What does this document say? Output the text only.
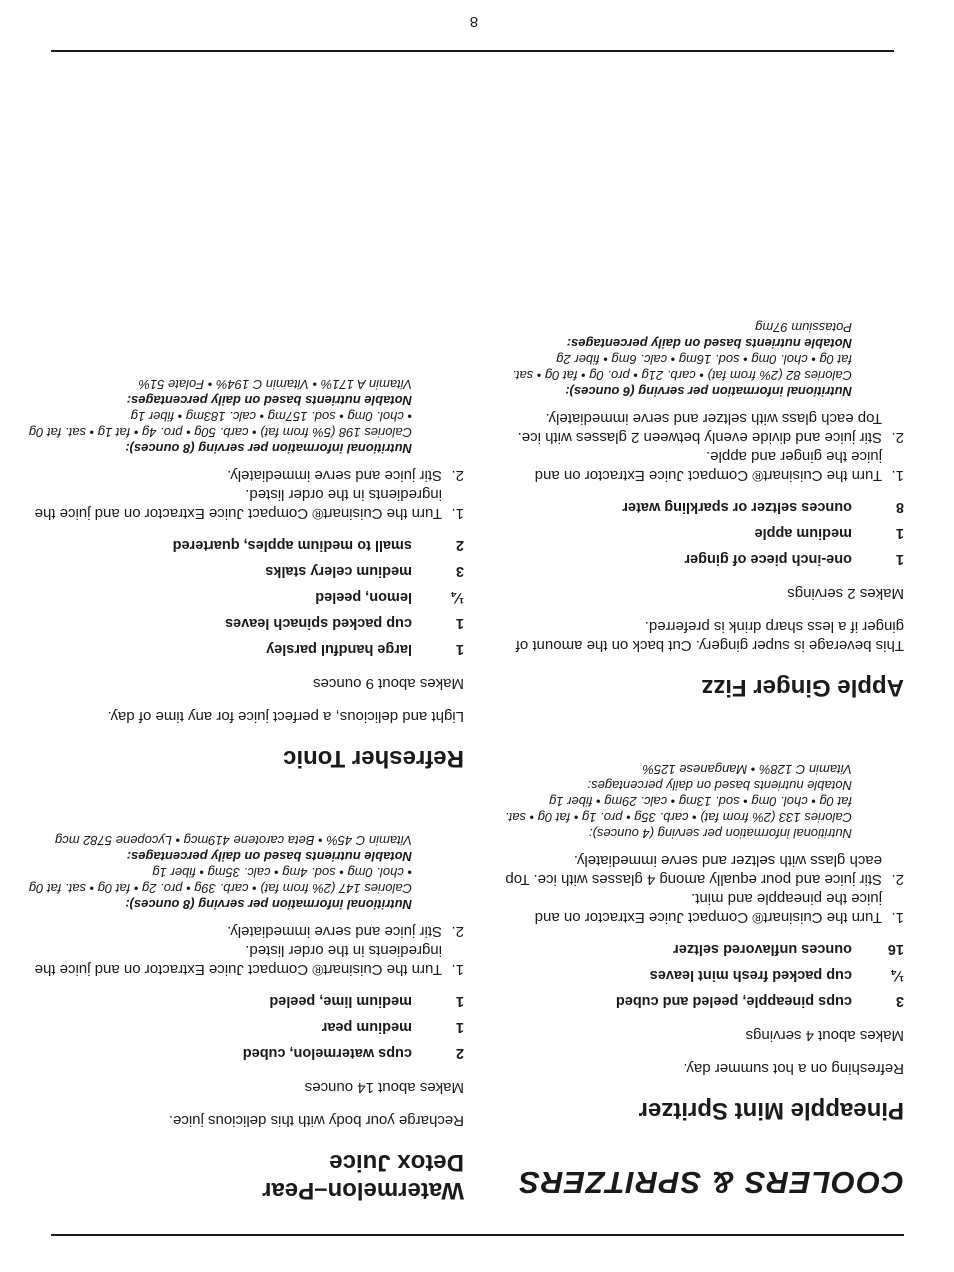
COOLERS & SPRITZERS
Pineapple Mint Spritzer
Refreshing on a hot summer day.
Makes about 4 servings
3
cups pineapple, peeled and cubed
¼
cup packed fresh mint leaves
16
ounces unflavored seltzer
1.
Turn the Cuisinart® Compact Juice Extractor on and juice the pineapple and mint.
2.
Stir juice and pour equally among 4 glasses with ice. Top each glass with seltzer and serve immediately.
Nutritional information per serving (4 ounces):
Calories 133 (2% from fat) • carb. 35g • pro. 1g • fat 0g • sat. fat 0g • chol. 0mg • sod. 13mg • calc. 29mg • fiber 1g
Notable nutrients based on daily percentages:
Vitamin C 128% • Manganese 125%
Apple Ginger Fizz
This beverage is super gingery. Cut back on the amount of ginger if a less sharp drink is preferred.
Makes 2 servings
1
one-inch piece of ginger
1
medium apple
8
ounces seltzer or sparkling water
1.
Turn the Cuisinart® Compact Juice Extractor on and juice the ginger and apple.
2.
Stir juice and divide evenly between 2 glasses with ice. Top each glass with seltzer and serve immediately.
Nutritional information per serving (6 ounces):
Calories 82 (2% from fat) • carb. 21g • pro. 0g • fat 0g • sat. fat 0g • chol. 0mg • sod. 16mg • calc. 6mg • fiber 2g
Notable nutrients based on daily percentages:
Potassium 97mg
Watermelon–Pear
Detox Juice
Recharge your body with this delicious juice.
Makes about 14 ounces
2
cups watermelon, cubed
1
medium pear
1
medium lime, peeled
1.
Turn the Cuisinart® Compact Juice Extractor on and juice the ingredients in the order listed.
2.
Stir juice and serve immediately.
Nutritional information per serving (8 ounces):
Calories 147 (2% from fat) • carb. 39g • pro. 2g • fat 0g • sat. fat 0g • chol. 0mg • sod. 4mg • calc. 35mg • fiber 1g
Notable nutrients based on daily percentages:
Vitamin C 45% • Beta carotene 419mcg • Lycopene 5782 mcg
Refresher Tonic
Light and delicious, a perfect juice for any time of day.
Makes about 9 ounces
1
large handful parsley
1
cup packed spinach leaves
¼
lemon, peeled
3
medium celery stalks
2
small to medium apples, quartered
1.
Turn the Cuisinart® Compact Juice Extractor on and juice the ingredients in the order listed.
2.
Stir juice and serve immediately.
Nutritional information per serving (8 ounces):
Calories 198 (5% from fat) • carb. 50g • pro. 4g • fat 1g • sat. fat 0g • chol. 0mg • sod. 157mg • calc. 183mg • fiber 1g
Notable nutrients based on daily percentages:
Vitamin A 171% • Vitamin C 194% • Folate 51%
8
